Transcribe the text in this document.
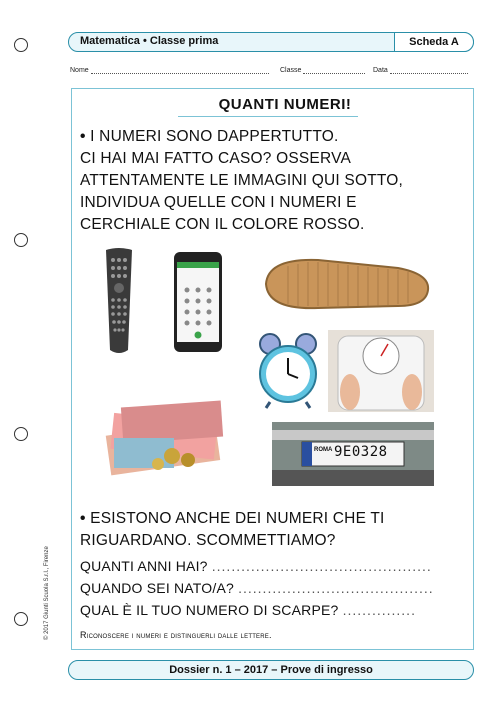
Matematica • Classe prima	Scheda A
Nome	Classe	Data
QUANTI NUMERI!
• I NUMERI SONO DAPPERTUTTO.
CI HAI MAI FATTO CASO? OSSERVA
ATTENTAMENTE LE IMMAGINI QUI SOTTO,
INDIVIDUA QUELLE CON I NUMERI E
CERCHIALE CON IL COLORE ROSSO.
ROMA 9E0328
• ESISTONO ANCHE DEI NUMERI CHE TI
RIGUARDANO. SCOMMETTIAMO?
QUANTI ANNI HAI? .............................................
QUANDO SEI NATO/A? ........................................
QUAL È IL TUO NUMERO DI SCARPE? ...............
Riconoscere i numeri e distinguerli dalle lettere.
© 2017 Giunti Scuola S.r.l., Firenze
Dossier n. 1 – 2017 – Prove di ingresso
